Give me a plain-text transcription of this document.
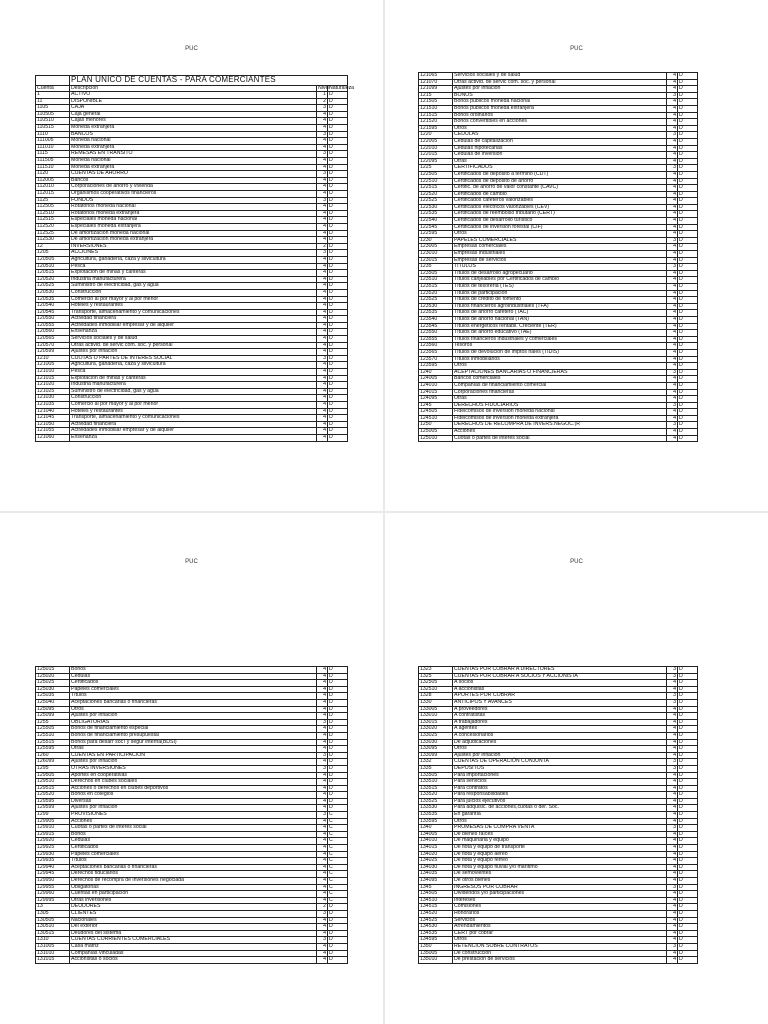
PUC
	PLAN UNICO DE CUENTAS - PARA COMERCIANTES		
Cuenta	Descripcion	Nivel	Naturaleza
1	ACTIVO	1	D
11	DISPONIBLE	2	D
1105	CAJA	3	D
110505	Caja general	4	D
110510	Cajas menores	4	D
110515	Moneda extranjera	4	D
1110	BANCOS	3	D
111005	Moneda nacional	4	D
111010	Moneda extranjera	4	D
1115	REMESAS EN TRANSITO	3	D
111505	Moneda nacional	4	D
111510	Moneda extranjera	4	D
1120	CUENTAS DE AHORRO	3	D
112005	Bancos	4	D
112010	Corporaciones de ahorro y vivienda	4	D
112015	Organismos cooperativos financieros	4	D
1125	FONDOS	3	D
112505	Rotatorios moneda nacional	4	D
112510	Rotatorios moneda extranjera	4	D
112515	Especiales moneda nacional	4	D
112520	Especiales moneda extranjera	4	D
112525	De amortización moneda nacional	4	D
112530	De amortización moneda extranjera	4	D
12	INVERSIONES	2	D
1205	ACCIONES	3	D
120505	Agricultura, ganadería, caza y silvicultura	4	D
120510	Pesca	4	D
120515	Explotación de minas y canteras	4	D
120520	Industria manufacturera	4	D
120525	Suministro de electricidad, gas y agua	4	D
120530	Construcción	4	D
120535	Comercio al por mayor y al por menor	4	D
120540	Hoteles y restaurantes	4	D
120545	Transporte, almacenamiento y comunicaciones	4	D
120550	Actividad financiera	4	D
120555	Actividades inmobiliar empresar y de alquiler	4	D
120560	Enseñanza	4	D
120565	Servicios sociales y de salud	4	D
120570	Otras activid. de servic com. soc. y personal	4	D
120599	Ajustes por inflación	4	D
1210	CUOTAS O PARTES DE INTERES SOCIAL	3	D
121005	Agricultura, ganadería, caza y silvicultura	4	D
121010	Pesca	4	D
121015	Explotación de minas y canteras	4	D
121020	Industria manufacturera	4	D
121025	Suministro de electricidad, gas y agua	4	D
121030	Construcción	4	D
121035	Comercio al por mayor y al por menor	4	D
121040	Hoteles y restaurantes	4	D
121045	Transporte, almacenamiento y comunicaciones	4	D
121050	Actividad financiera	4	D
121055	Actividades inmobiliar empresar y de alquiler	4	D
121060	Enseñanza	4	D
PUC
121065	Servicios sociales y de salud	4	D
121070	Otras activid. de servic com. soc. y personal	4	D
121099	Ajustes por inflación	4	D
1215	BONOS	3	D
121505	Bonos públicos moneda nacional	4	D
121510	Bonos públicos moneda extranjera	4	D
121515	Bonos ordinarios	4	D
121520	Bonos convertibles en acciones	4	D
121595	Otros	4	D
1220	CEDULAS	3	D
122005	Cédulas de capitalización	4	D
122010	Cédulas hipotecarias	4	D
122015	Cédulas de inversión	4	D
122095	Otras	4	D
1225	CERTIFICADOS	3	D
122505	Certificados de depósito a término (CDT)	4	D
122510	Certificados de depósito de ahorro	4	D
122515	Certific. de ahorro de valor constante (CAVC)	4	D
122520	Certificados de cambio	4	D
122525	Certificados cafeteros valorizables	4	D
122530	Certificados eléctricos valorizables (CEV)	4	D
122535	Certificados de reembolso tributario (CERT)	4	D
122540	Certificados de desarrollo turístico	4	D
122545	Certificados de inversión forestal (CIF)	4	D
122595	Otros	4	D
1230	PAPELES COMERCIALES	3	D
123005	Empresas comerciales	4	D
123010	Empresas industriales	4	D
123015	Empresas de servicios	4	D
1235	TITULOS	3	D
123505	Títulos de desarrollo agropecuario	4	D
123510	Títulos canjeables por Certificados de cambio	4	D
123515	Títulos de tesorería (TES)	4	D
123520	Títulos de participación	4	D
123525	Títulos de crédito de fomento	4	D
123530	Títulos financieros agroindustriales (TFA)	4	D
123535	Títulos de ahorro cafetero (TAC)	4	D
123540	Títulos de ahorro nacional (TAN)	4	D
123545	Títulos energéticos rentabil. Creciente (TER)	4	D
123550	Títulos de ahorro educativo (TAE)	4	D
123555	Títulos financieros industriales y comerciales	4	D
123560	Tesoros	4	D
123565	Títulos de devolución de imptos nales (TIDIS)	4	D
123570	Títulos inmobiliarios	4	D
123595	Otros	4	D
1240	ACEPTACIONES BANCARIAS O FINANCIERAS	3	D
124005	Bancos comerciales	4	D
124010	Compañías de financiamiento comercial	4	D
124015	Corporaciones financieras	4	D
124095	Otras	4	D
1245	DERECHOS FIDUCIARIOS	3	D
124505	Fideicomisos de inversión moneda nacional	4	D
124510	Fideicomisos de inversión moneda extranjera	4	D
1250	DERECHOS DE RECOMPRA DE INVERS.NEGOC.(R	3	D
125005	Acciones	4	D
125010	Cuotas o partes de interés social	4	D
PUC
125015	Bonos	4	D
125020	Cédulas	4	D
125025	Certificados	4	D
125030	Papeles comerciales	4	D
125035	Títulos	4	D
125040	Aceptaciones bancarias o financieras	4	D
125095	Otros	4	D
125099	Ajustes por inflación	4	D
1255	OBLIGATORIAS	3	D
125505	Bonos de financiamiento especial	4	D
125510	Bonos de financiamiento presupuestal	4	D
125515	Bonos para desarr soc'l y segur interna(BDSI)	4	D
125595	Otras	4	D
1260	CUENTAS EN PARTICIPACION	3	D
126099	Ajustes por inflación	4	D
1295	OTRAS INVERSIONES	3	D
129505	Aportes en cooperativas	4	D
129510	Derechos en clubes sociales	4	D
129515	Acciones o derechos en clubes deportivos	4	D
129520	Bonos en colegios	4	D
129595	Diversas	4	D
129599	Ajustes por inflación	4	D
1299	PROVISIONES	3	C
129905	Acciones	4	C
129910	Cuotas o partes de interés social	4	C
129915	Bonos	4	C
129920	Cédulas	4	C
129925	Certificados	4	C
129930	Papeles comerciales	4	C
129935	Títulos	4	C
129940	Aceptaciones bancarias o financieras	4	C
129945	Derechos fiduciarios	4	C
129950	Derechos de recompra de inversiones negociada	4	C
129955	Obligatorias	4	C
129960	Cuentas en participación	4	C
129995	Otras inversiones	4	C
13	DEUDORES	2	D
1305	CLIENTES	3	D
130505	Nacionales	4	D
130510	Del exterior	4	D
130515	Deudores del sistema	4	D
1310	CUENTAS CORRIENTES COMERCIALES	3	D
131005	Casa matriz	4	D
131010	Compañías vinculadas	4	D
131015	Accionistas o socios	4	D
PUC
1323	CUENTAS POR COBRAR A DIRECTORES	3	D
1325	CUENTAS POR COBRAR A SOCIOS Y ACCIONISTA	3	D
132505	A socios	4	D
132510	A accionistas	4	D
1328	APORTES POR COBRAR	3	D
1330	ANTICIPOS Y AVANCES	3	D
133005	A proveedores	4	D
133010	A contratistas	4	D
133015	A trabajadores	4	D
133020	A agentes	4	D
133025	A concesionarios	4	D
133030	De adjudicaciones	4	D
133095	Otros	4	D
133099	Ajustes por inflación	4	D
1332	CUENTAS DE OPERACIÓN CONJUNTA	3	D
1335	DEPOSITOS	3	D
133505	Para importaciones	4	D
133510	Para servicios	4	D
133515	Para contratos	4	D
133520	Para responsabilidades	4	D
133525	Para juicios ejecutivos	4	D
133530	Para adquisic. de acciones,cuotas o der. Soc.	4	D
133535	En garantía	4	D
133595	Otros	4	D
1340	PROMESAS DE COMPRA VENTA	3	D
134005	De bienes raíces	4	D
134010	De maquinaria y equipo	4	D
134015	De flota y equipo de transporte	4	D
134020	De flota y equipo aéreo	4	D
134025	De flota y equipo férreo	4	D
134030	De flota y equipo fluvial y/o marítimo	4	D
134035	De semovientes	4	D
134095	De otros bienes	4	D
1345	INGRESOS POR COBRAR	3	D
134505	Dividendos y/o participaciones	4	D
134510	Intereses	4	D
134515	Comisiones	4	D
134520	Honorarios	4	D
134525	Servicios	4	D
134530	Arrendamientos	4	D
134535	CERT por cobrar	4	D
134595	Otros	4	D
1350	RETENCION SOBRE CONTRATOS	3	D
135005	De construcción	4	D
135010	De prestación de servicios	4	D
